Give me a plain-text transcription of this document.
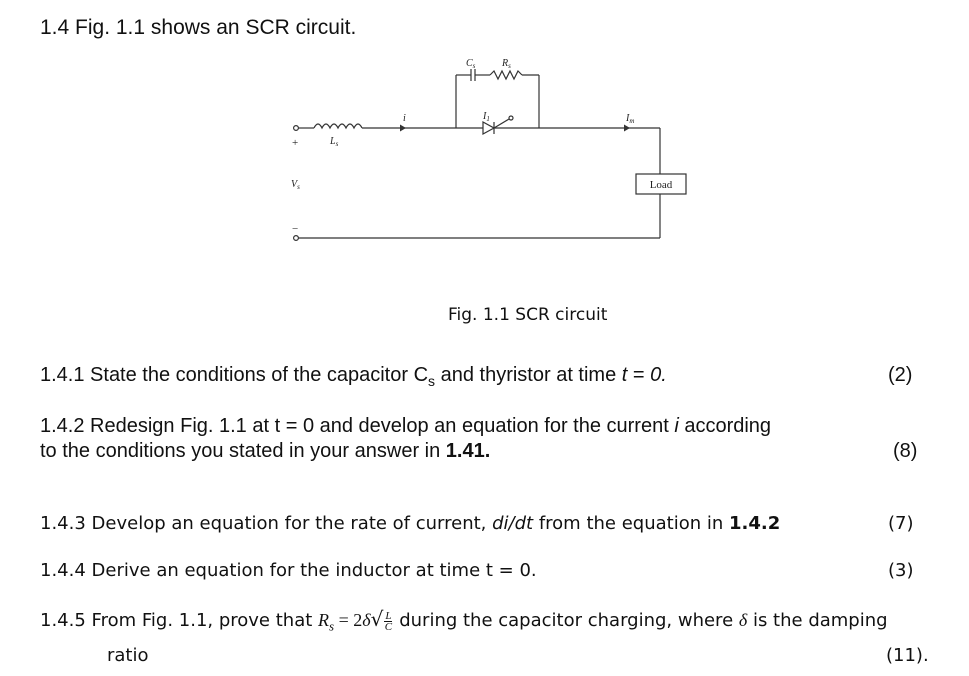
1.4 Fig. 1.1 shows an SCR circuit.
$C_s$	$R_s$
$L_s$
$V_s$
i	$I_1$	$I_m$
+
−
Load
Fig. 1.1 SCR circuit
1.4.1 State the conditions of the capacitor $C_s$ and thyristor at time t = 0.	(2)
1.4.2 Redesign Fig. 1.1 at t = 0 and develop an equation for the current i according
to the conditions you stated in your answer in 1.41.	(8)
1.4.3 Develop an equation for the rate of current, di/dt from the equation in 1.4.2	(7)
1.4.4 Derive an equation for the inductor at time t = 0.	(3)
1.4.5 From Fig. 1.1, prove that $R_s = 2\delta√ \frac{L}{C}$ during the capacitor charging, where δ is the damping
ratio	(11).
